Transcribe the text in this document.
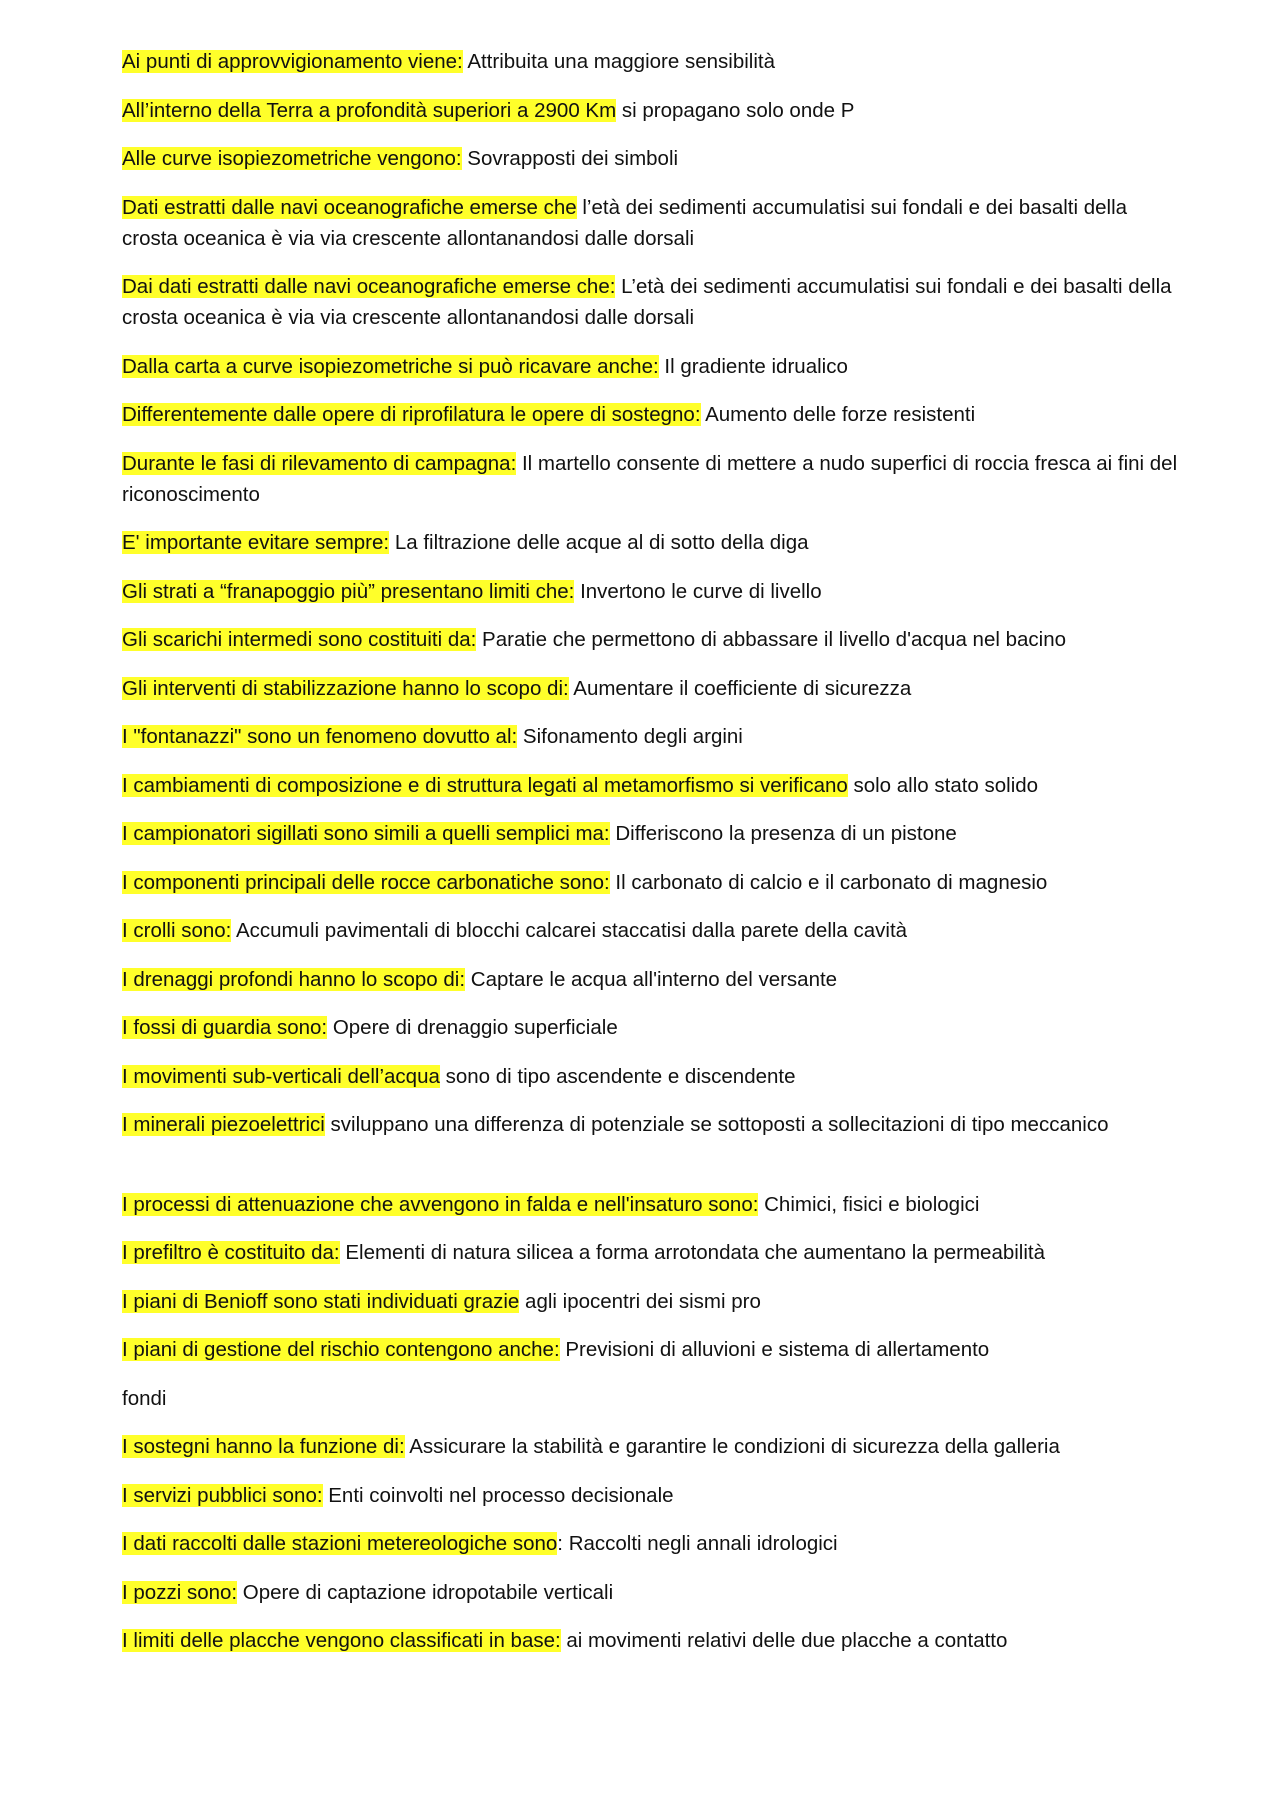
Ai punti di approvvigionamento viene: Attribuita una maggiore sensibilità
All’interno della Terra a profondità superiori a 2900 Km si propagano solo onde P
Alle curve isopiezometriche vengono: Sovrapposti dei simboli
Dati estratti dalle navi oceanografiche emerse che l’età dei sedimenti accumulatisi sui fondali e dei basalti della crosta oceanica è via via crescente allontanandosi dalle dorsali
Dai dati estratti dalle navi oceanografiche emerse che: L’età dei sedimenti accumulatisi sui fondali e dei basalti della crosta oceanica è via via crescente allontanandosi dalle dorsali
Dalla carta a curve isopiezometriche si può ricavare anche: Il gradiente idrualico
Differentemente dalle opere di riprofilatura le opere di sostegno: Aumento delle forze resistenti
Durante le fasi di rilevamento di campagna: Il martello consente di mettere a nudo superfici di roccia fresca ai fini del riconoscimento
E' importante evitare sempre: La filtrazione delle acque al di sotto della diga
Gli strati a “franapoggio più” presentano limiti che: Invertono le curve di livello
Gli scarichi intermedi sono costituiti da: Paratie che permettono di abbassare il livello d'acqua nel bacino
Gli interventi di stabilizzazione hanno lo scopo di: Aumentare il coefficiente di sicurezza
I "fontanazzi" sono un fenomeno dovutto al: Sifonamento degli argini
I cambiamenti di composizione e di struttura legati al metamorfismo si verificano solo allo stato solido
I campionatori sigillati sono simili a quelli semplici ma: Differiscono la presenza di un pistone
I componenti principali delle rocce carbonatiche sono: Il carbonato di calcio e il carbonato di magnesio
I crolli sono: Accumuli pavimentali di blocchi calcarei staccatisi dalla parete della cavità
I drenaggi profondi hanno lo scopo di: Captare le acqua all'interno del versante
I fossi di guardia sono: Opere di drenaggio superficiale
I movimenti sub-verticali dell’acqua sono di tipo ascendente e discendente
I minerali piezoelettrici sviluppano una differenza di potenziale se sottoposti a sollecitazioni di tipo meccanico
I processi di attenuazione che avvengono in falda e nell'insaturo sono: Chimici, fisici e biologici
I prefiltro è costituito da: Elementi di natura silicea a forma arrotondata che aumentano la permeabilità
I piani di Benioff sono stati individuati grazie agli ipocentri dei sismi pro
I piani di gestione del rischio contengono anche: Previsioni di alluvioni e sistema di allertamento
fondi
I sostegni hanno la funzione di: Assicurare la stabilità e garantire le condizioni di sicurezza della galleria
I servizi pubblici sono: Enti coinvolti nel processo decisionale
I dati raccolti dalle stazioni metereologiche sono: Raccolti negli annali idrologici
I pozzi sono: Opere di captazione idropotabile verticali
I limiti delle placche vengono classificati in base: ai movimenti relativi delle due placche a contatto
